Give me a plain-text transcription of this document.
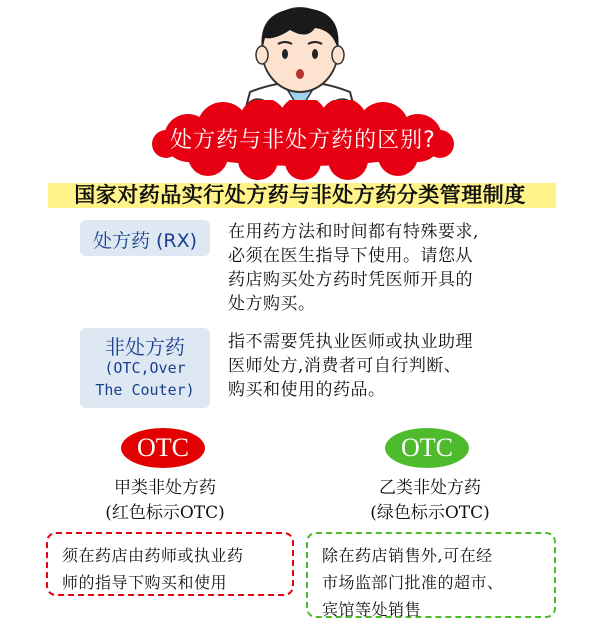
处方药与非处方药的区别?
国家对药品实行处方药与非处方药分类管理制度
处方药 (RX)	在用药方法和时间都有特殊要求,
必须在医生指导下使用。请您从
药店购买处方药时凭医师开具的
处方购买。
非处方药
(OTC,Over
The Couter)
指不需要凭执业医师或执业助理
医师处方,消费者可自行判断、
购买和使用的药品。
OTC
甲类非处方药
(红色标示OTC)
须在药店由药师或执业药
师的指导下购买和使用
OTC
乙类非处方药
(绿色标示OTC)
除在药店销售外,可在经
市场监部门批准的超市、
宾馆等处销售
